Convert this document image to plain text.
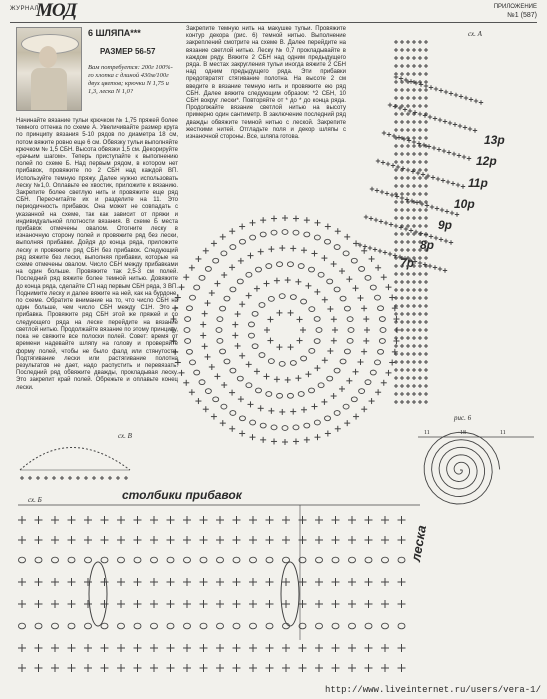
ЖУРНАЛ
МОД	ПРИЛОЖЕНИЕ
№1 (587)
6 ШЛЯПА***
РАЗМЕР 56-57
Вам потребуется: 200г 100%-го хлопка с длиной 430м/100г двух цветов; крючки N 1,75 и 1,3, леска N 1,0?
Начинайте вязание тульи крючком № 1,75 пряжей более темного оттенка по схеме А. Увеличивайте размер круга по принципу вязания 5-10 рядов по диаметра 18 см, потом вяжите ровно еще 6 см. Обвязку тульи выполняйте крючком № 1,5 СБН. Высота обвязки 1,5 см. Декорируйте «рачьим шагом». Теперь приступайте к выполнению полей по схеме Б. Над первым рядом, в котором нет прибавок, провяжите по 2 СБН над каждой ВП. Используйте темную пряжу. Далее нужно использовать леску №1,0. Оплавьте ее хвостик, приложите к вязанию. Закрепите более светлую нить и провяжите еще ряд СБН. Пересчитайте их и разделите на 11. Это периодичность прибавок. Она может не совпадать с указанной на схеме, так как зависит от пряжи и индивидуальной плотности вязания. В схеме Б места прибавок отмечены овалом. Отогните леску в изнаночную сторону полей и провяжите ряд без лески, выполняя прибавки. Дойдя до конца ряда, приложите леску и провяжите ряд СБН без прибавок. Следующий ряд вяжите без лески, выполняя прибавки, которые на схеме отмечены овалом. Число СБН между прибавками на один больше. Провяжите так 2,5-3 см полей. Последний ряд вяжите более темной нитью. Довяжите до конца ряда, сделайте СП над первым СБН ряда, 3 ВП. Поднимите леску и далее вяжите на ней, как на бурдоне, по схеме. Обратите внимание на то, что число СБН на один больше, чем число СБН между С1Н. Это – прибавка. Провяжите ряд СБН этой же пряжей и со следующего ряда на леске перейдите на вязание светлой нитью. Продолжайте вязание по этому принципу, пока не свяжите все полоски полей. Совет: время от времени надевайте шляпу на голову и проверяйте форму полей, чтобы не было фалд или стянутости. Подтягивание лески или растягивание полотна результатов не дает, надо распустить и перевязать. Последний ряд обвяжите дважды, прокладывая леску. Это закрепит край полей. Обрежьте и оплавьте конец лески.
Закрепите темную нить на макушке тульи. Провяжите контур декора (рис. 6) темной нитью. Выполнение закреплений смотрите на схеме В. Далее перейдите на вязание светлой нитью. Леску № 0,7 прокладывайте в каждом ряду. Вяжите 2 СБН над одним предыдущего ряда. В местах закругления тульи иногда вяжите 2 СБН над одним предыдущего ряда. Эти прибавки предотвратят стягивание полотна. На высоте 2 см введите в вязание темную нить и провяжите ею ряд СБН. Далее вяжите следующим образом: *2 СБН, 10 СБН вокруг лески*. Повторяйте от * до * до конца ряда. Продолжайте вязание светлой нитью на высоту примерно один сантиметр. В заключение последний ряд дважды обвяжите темной нитью с леской. Закрепите жесткими нитей. Отгладьте поля и декор шляпы с изнаночной стороны. Все, шляпа готова.
сх. А
сх. В
сх. Б
рис. 6
11	18	11
13р
12р
11р
10р
9р
8р
7р
столбики прибавок
леска
http://www.liveinternet.ru/users/vera-1/
